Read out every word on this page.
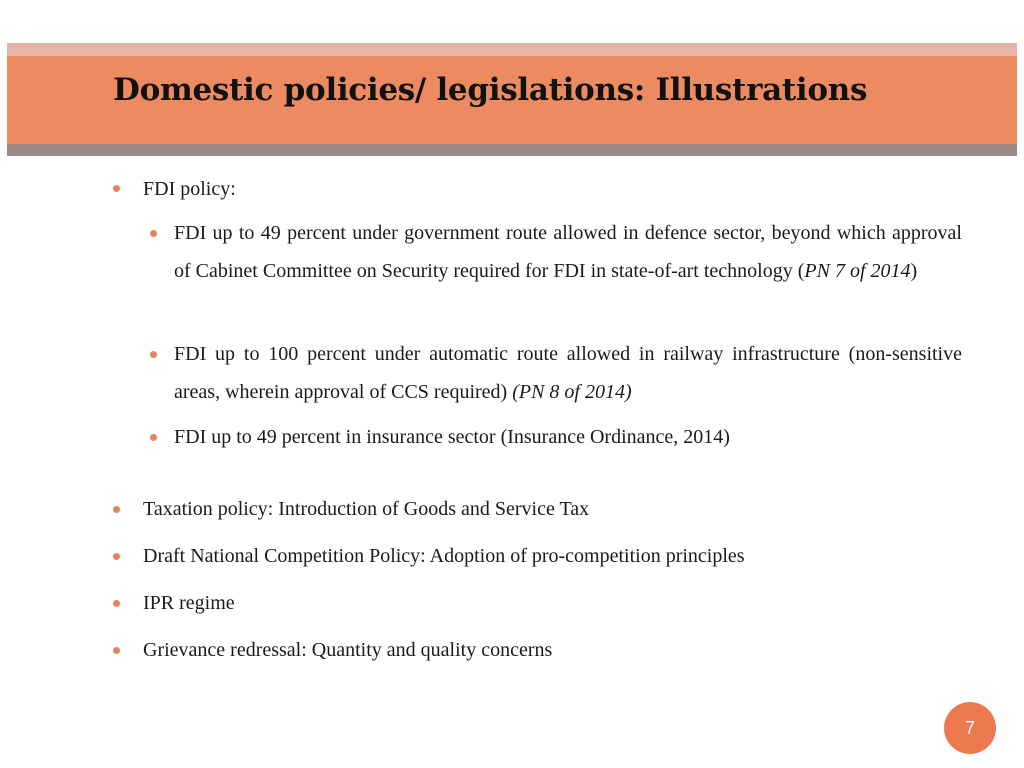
Domestic policies/ legislations: Illustrations
FDI policy:

FDI up to 49 percent under government route allowed in defence sector, beyond which approval of Cabinet Committee on Security required for FDI in state-of-art technology (PN 7 of 2014)

FDI up to 100 percent under automatic route allowed in railway infrastructure (non-sensitive areas, wherein approval of CCS required) (PN 8 of 2014)

FDI up to 49 percent in insurance sector (Insurance Ordinance, 2014)

Taxation policy: Introduction of Goods and Service Tax
Draft National Competition Policy: Adoption of pro-competition principles
IPR regime
Grievance redressal: Quantity and quality concerns
7
